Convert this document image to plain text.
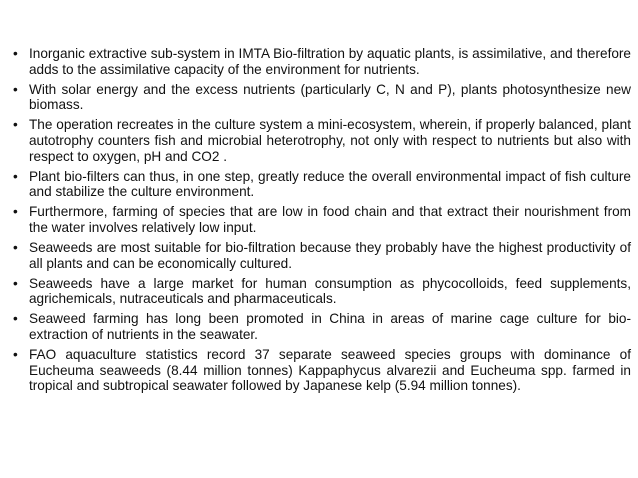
• Inorganic extractive sub-system in IMTA Bio-filtration by aquatic plants, is assimilative, and therefore adds to the assimilative capacity of the environment for nutrients.
• With solar energy and the excess nutrients (particularly C, N and P), plants photosynthesize new biomass.
• The operation recreates in the culture system a mini-ecosystem, wherein, if properly balanced, plant autotrophy counters fish and microbial heterotrophy, not only with respect to nutrients but also with respect to oxygen, pH and CO2 .
• Plant bio-filters can thus, in one step, greatly reduce the overall environmental impact of fish culture and stabilize the culture environment.
• Furthermore, farming of species that are low in food chain and that extract their nourishment from the water involves relatively low input.
• Seaweeds are most suitable for bio-filtration because they probably have the highest productivity of all plants and can be economically cultured.
• Seaweeds have a large market for human consumption as phycocolloids, feed supplements, agrichemicals, nutraceuticals and pharmaceuticals.
• Seaweed farming has long been promoted in China in areas of marine cage culture for bio-extraction of nutrients in the seawater.
• FAO aquaculture statistics record 37 separate seaweed species groups with dominance of Eucheuma seaweeds (8.44 million tonnes) Kappaphycus alvarezii and Eucheuma spp. farmed in tropical and subtropical seawater followed by Japanese kelp (5.94 million tonnes).
